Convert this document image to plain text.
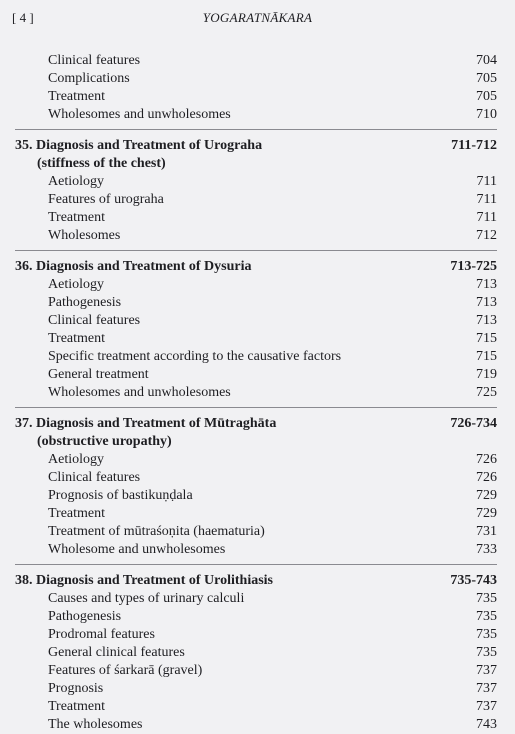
[ 4 ]	YOGARATNĀKARA
Clinical features	704
Complications	705
Treatment	705
Wholesomes and unwholesomes	710
35. Diagnosis and Treatment of Urograha	711-712
(stiffness of the chest)
Aetiology	711
Features of urograha	711
Treatment	711
Wholesomes	712
36. Diagnosis and Treatment of Dysuria	713-725
Aetiology	713
Pathogenesis	713
Clinical features	713
Treatment	715
Specific treatment according to the causative factors	715
General treatment	719
Wholesomes and unwholesomes	725
37. Diagnosis and Treatment of Mūtraghāta	726-734
(obstructive uropathy)
Aetiology	726
Clinical features	726
Prognosis of bastikuṇḍala	729
Treatment	729
Treatment of mūtraśoṇita (haematuria)	731
Wholesome and unwholesomes	733
38. Diagnosis and Treatment of Urolithiasis	735-743
Causes and types of urinary calculi	735
Pathogenesis	735
Prodromal features	735
General clinical features	735
Features of śarkarā (gravel)	737
Prognosis	737
Treatment	737
The wholesomes	743
